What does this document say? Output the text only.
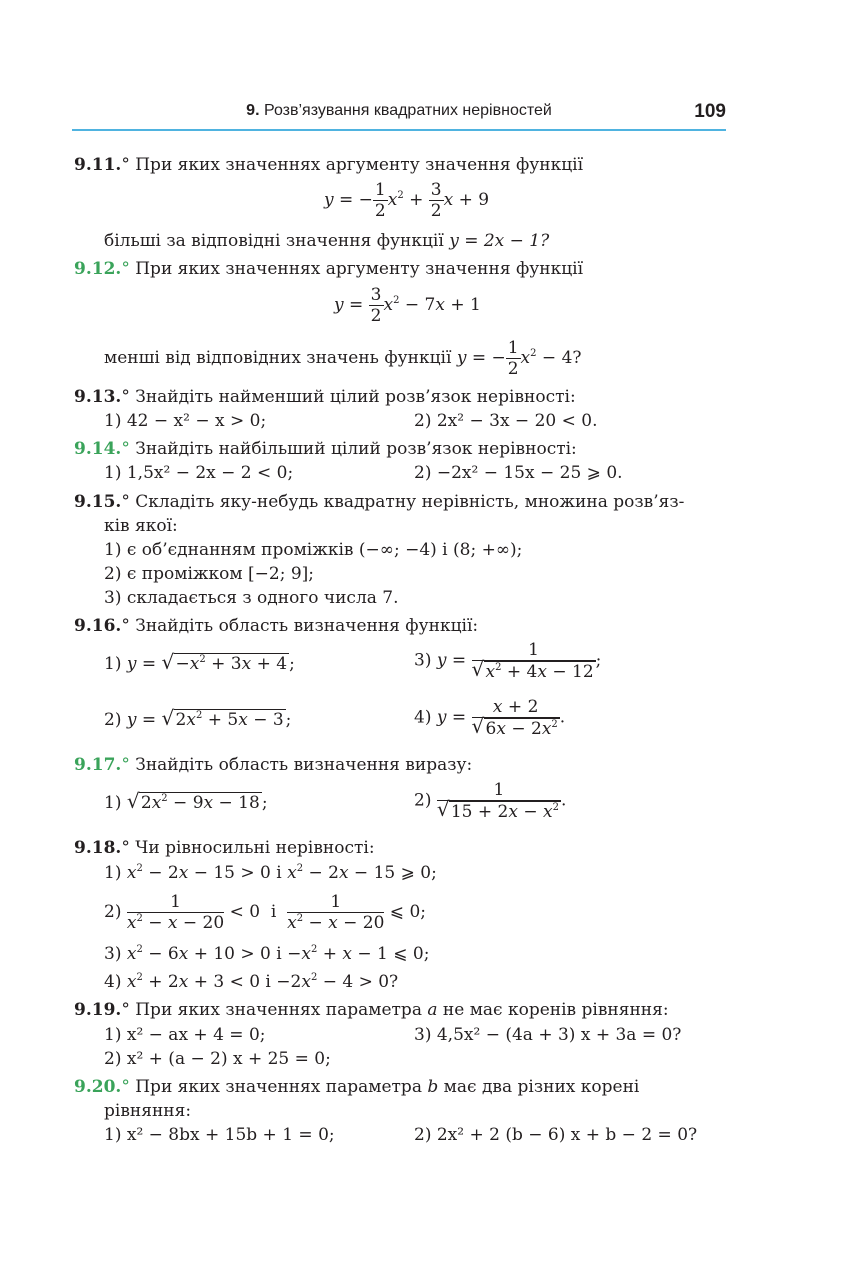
9. Розв’язування квадратних нерівностей	109
9.11.° При яких значеннях аргументу значення функції
y = − $\frac{1}{2} x^2 + \frac{3}{2}$ x + 9
більші за відповідні значення функції y = 2x − 1?
9.12.° При яких значеннях аргументу значення функції
$y = \frac{3}{2} x^2 - 7x + 1$
менші від відповідних значень функції y = − $\frac{1}{2} x^2 - 4$?
9.13.° Знайдіть найменший цілий розв’язок нерівності:
1) 42 − x² − x > 0;	2) 2x² − 3x − 20 < 0.
9.14.° Знайдіть найбільший цілий розв’язок нерівності:
1) 1,5x² − 2x − 2 < 0;	2) −2x² − 15x − 25 ⩾ 0.
9.15.° Складіть яку-небудь квадратну нерівність, множина розв’яз-
ків якої:
1) є об’єднанням проміжків (−∞; −4) і (8; +∞);
2) є проміжком [−2; 9];
3) складається з одного числа 7.
9.16.° Знайдіть область визначення функції:
1) y = √ $-x^2 + 3x + 4$ ;	3) y = 1
√ $x^2 + 4x - 12$ ;
2) y = √ $2x^2 + 5x - 3$ ;	4) y = x + 2
√ $6x - 2x^2$ .
9.17.° Знайдіть область визначення виразу:
1) √ $2x^2 - 9x - 18$ ;	2) 1
√ $15 + 2x - x^2$ .
9.18.° Чи рівносильні нерівності:
1) $x^2 - 2x - 15 > 0$ і $x^2 - 2x - 15$ ⩾ 0;
$2) \frac{1}{x^2 - x - 20} < 0$  і $\frac{1}{x^2 - x - 20}$ ⩽ 0;
3) $x^2 - 6x + 10 > 0$ $і -x^2 + x - 1$ ⩽ 0;
4) $x^2 + 2x + 3 < 0$ $і -2x^2 - 4 > 0$?
9.19.° При яких значеннях параметра a не має коренів рівняння:
1) x² − ax + 4 = 0;	3) 4,5x² − (4a + 3) x + 3a = 0?
2) x² + (a − 2) x + 25 = 0;
9.20.° При яких значеннях параметра b має два різних корені
рівняння:
1) x² − 8bx + 15b + 1 = 0;	2) 2x² + 2 (b − 6) x + b − 2 = 0?
